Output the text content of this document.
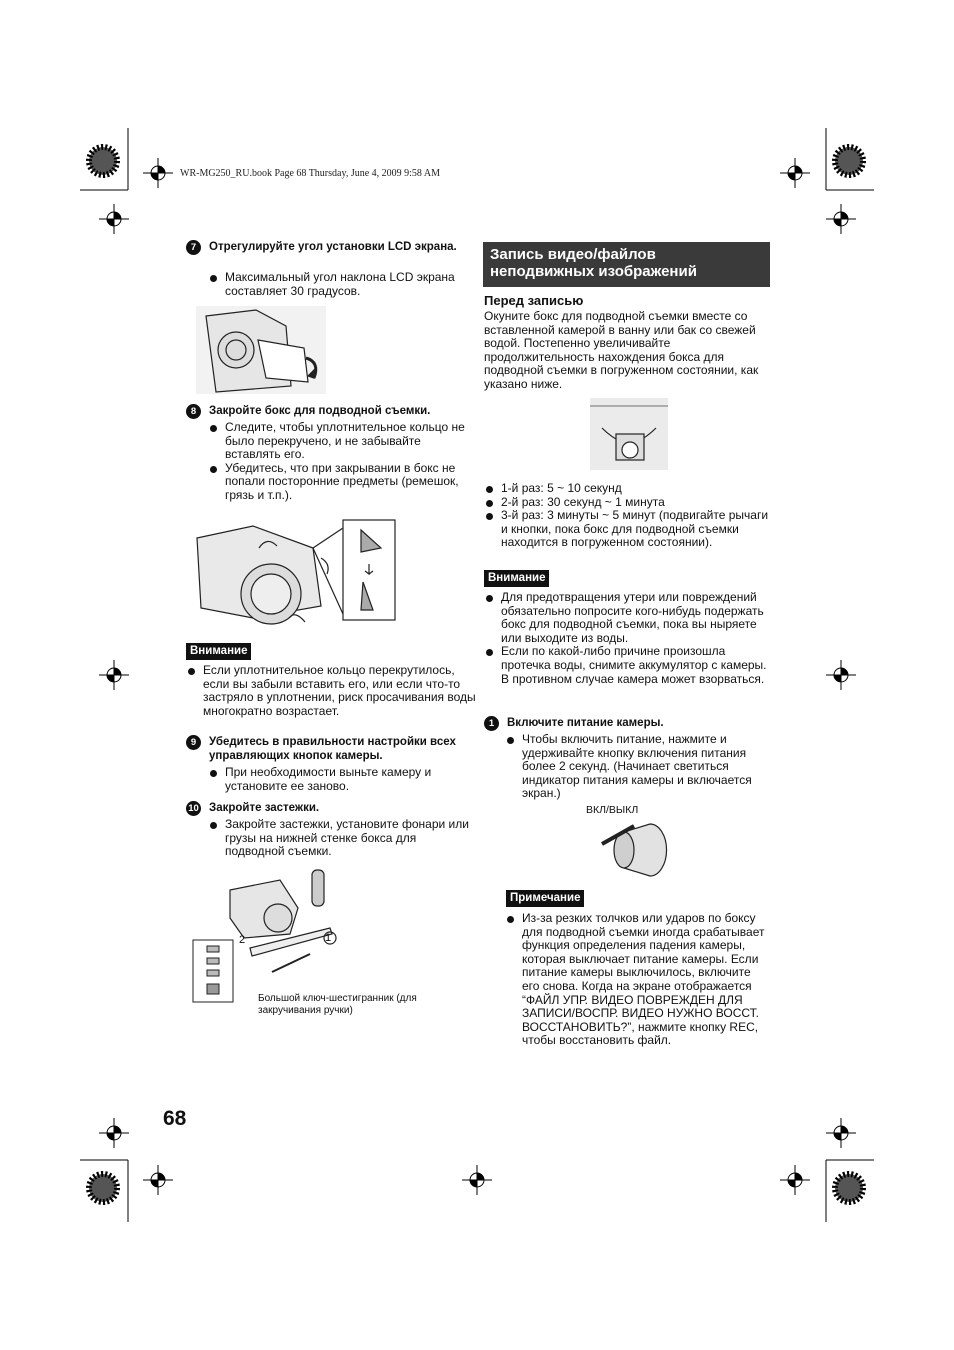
WR-MG250_RU.book Page 68 Thursday, June 4, 2009 9:58 AM
7	Отрегулируйте угол установки LCD экрана.
Максимальный угол наклона LCD экрана составляет 30 градусов.
8	Закройте бокс для подводной съемки.
Следите, чтобы уплотнительное кольцо не было перекручено, и не забывайте вставлять его.
Убедитесь, что при закрывании в бокс не попали посторонние предметы (ремешок, грязь и т.п.).
Внимание
Если уплотнительное кольцо перекрутилось, если вы забыли вставить его, или если что-то застряло в уплотнении, риск просачивания воды многократно возрастает.
9	Убедитесь в правильности настройки всех управляющих кнопок камеры.
При необходимости выньте камеру и установите ее заново.
10 Закройте застежки.
Закройте застежки, установите фонари или грузы на нижней стенке бокса для подводной съемки.
2	1
Большой ключ-шестигранник (для закручивания ручки)
68
Запись видео/файлов неподвижных изображений
Перед записью
Окуните бокс для подводной съемки вместе со вставленной камерой в ванну или бак со свежей водой. Постепенно увеличивайте продолжительность нахождения бокса для подводной съемки в погруженном состоянии, как указано ниже.
1-й раз: 5 ~ 10 секунд
2-й раз: 30 секунд ~ 1 минута
3-й раз: 3 минуты ~ 5 минут (подвигайте рычаги и кнопки, пока бокс для подводной съемки находится в погруженном состоянии).
Внимание
Для предотвращения утери или повреждений обязательно попросите кого-нибудь подержать бокс для подводной съемки, пока вы ныряете или выходите из воды.
Если по какой-либо причине произошла протечка воды, снимите аккумулятор с камеры. В противном случае камера может взорваться.
1	Включите питание камеры.
Чтобы включить питание, нажмите и удерживайте кнопку включения питания более 2 секунд. (Начинает светиться индикатор питания камеры и включается экран.)
ВКЛ/ВЫКЛ
Примечание
Из-за резких толчков или ударов по боксу для подводной съемки иногда срабатывает функция определения падения камеры, которая выключает питание камеры. Если питание камеры выключилось, включите его снова. Когда на экране отображается “ФАЙЛ УПР. ВИДЕО ПОВРЕЖДЕН ДЛЯ ЗАПИСИ/ВОСПР. ВИДЕО НУЖНО ВОССТ. ВОССТАНОВИТЬ?”, нажмите кнопку REC, чтобы восстановить файл.
